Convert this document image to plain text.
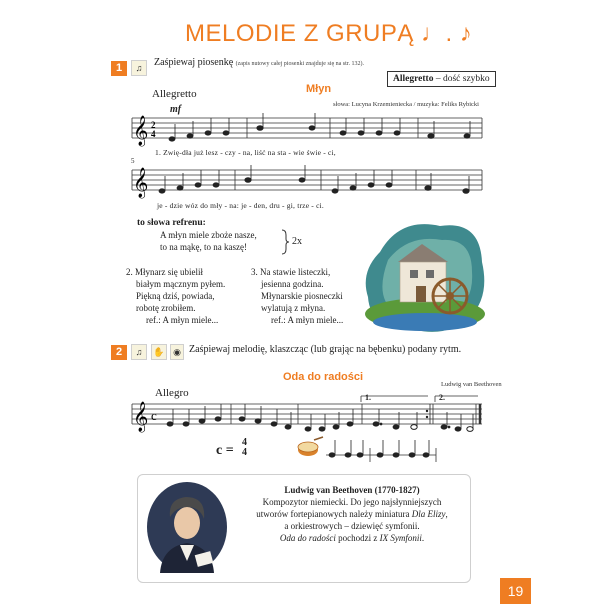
MELODIE Z GRUPĄ ♩. ♪
1	♫	Zaśpiewaj piosenkę (zapis nutowy całej piosenki znajduje się na str. 132).
Allegretto – dość szybko
Młyn
słowa: Lucyna Krzemieniecka / muzyka: Feliks Rybicki
Allegretto
mf
𝄞 2
4
1. Zwię-dła już lesz - czy - na, liść na sta - wie świe - ci,
5
𝄞
je - dzie wóz do mły - na: je - den, dru - gi, trze - ci.
to słowa refrenu:
A młyn miele zboże nasze,
to na mąkę, to na kaszę!	2x
2. Młynarz się ubielił
białym mącznym pyłem.
Piękną dziś, powiada,
robotę zrobiłem.
ref.: A młyn miele...
3. Na stawie listeczki,
jesienna godzina.
Młynarskie piosneczki
wylatują z młyna.
ref.: A młyn miele...
2	♫	✋ ◉ Zaśpiewaj melodię, klaszcząc (lub grając na bębenku) podany rytm.
Oda do radości
Ludwig van Beethoven
Allegro
𝄞 c
1.	2.
c =
4
4
Ludwig van Beethoven (1770-1827)
Kompozytor niemiecki. Do jego najsłynniejszych
utworów fortepianowych należy miniatura Dla Elizy,
a orkiestrowych – dziewięć symfonii.
Oda do radości pochodzi z IX Symfonii.
19
